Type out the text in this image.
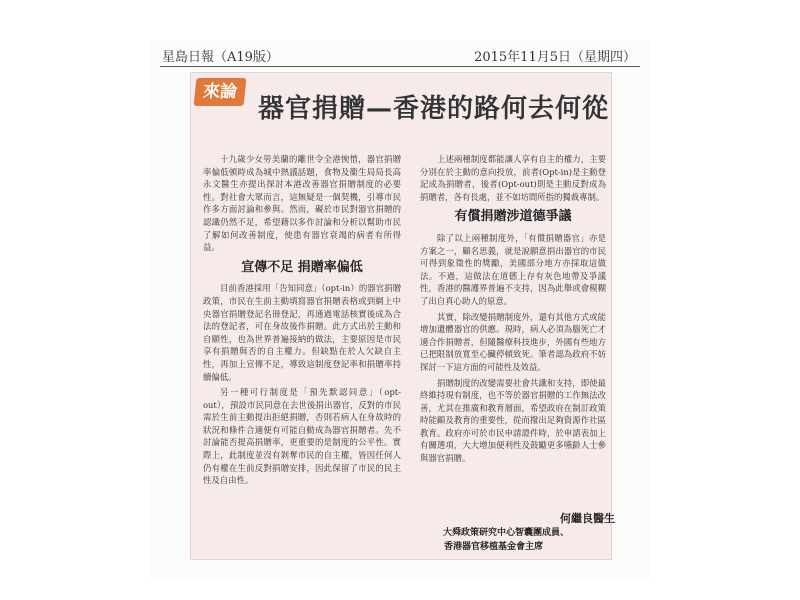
星島日報（A19版）	2015年11月5日（星期四）
來論
器官捐贈—香港的路何去何從

十九歲少女勞美蘭的離世令全港惋惜，器官捐贈率偏低頓時成為城中熱議話題，食物及衞生局局長高永文醫生亦提出探討本港改善器官捐贈制度的必要性。對社會大眾而言，這無疑是一個契機，引導市民作多方面討論和參與。然而，礙於市民對器官捐贈的認識仍然不足，希望藉以多作討論和分析以幫助市民了解如何改善制度，使患有器官衰竭的病者有所得益。

宣傳不足 捐贈率偏低

目前香港採用「告知同意」（opt-in）的器官捐贈政策，市民在生前主動填寫器官捐贈表格或到網上中央器官捐贈登記名冊登記，再通過電話核實後成為合法的登記者，可在身故後作捐贈。此方式出於主動和自願性，也為世界普遍接納的做法，主要原因是市民享有捐贈與否的自主權力。但缺點在於人欠缺自主性，再加上宣傳不足，導致這制度登記率和捐贈率持續偏低。

另一種可行制度是「預先默認同意」（opt-out），預設市民同意在去世後捐出器官，反對的市民需於生前主動提出拒絕捐贈，否則若病人在身故時的狀況和條件合適便有可能自動成為器官捐贈者。先不討論能否提高捐贈率，更重要的是制度的公平性。實際上，此制度並沒有剝奪市民的自主權，皆因任何人仍有權在生前反對捐贈安排，因此保留了市民的民主性及自由性。

上述兩種制度都能讓人享有自主的權力，主要分別在於主動的意向投放，前者(Opt-in)是主動登記成為捐贈者，後者(Opt-out)則是主動反對成為捐贈者，各有長處，並不如坊間所指的獨裁專制。

有償捐贈涉道德爭議

除了以上兩種制度外，「有償捐贈器官」亦是方案之一，顧名思義，就是說願意捐出器官的市民可得到象徵性的獎勵，美國部分地方亦採取這做法。不過，這做法在道德上存有灰色地帶及爭議性，香港的醫護界普遍不支持，因為此舉或會模糊了出自真心助人的原意。

其實，除改變捐贈制度外，還有其他方式或能增加遺體器官的供應。現時，病人必須為腦死亡才適合作捐贈者，但隨醫療科技進步，外國有些地方已把限制放寬至心臟停頓致死。筆者認為政府不妨探討一下這方面的可能性及效益。

捐贈制度的改變需要社會共識和支持，即使最終維持現有制度，也不等於器官捐贈的工作無法改善，尤其在推廣和教育層面，希望政府在制訂政策時能顧及教育的重要性，從而撥出足夠資源作社區教育。政府亦可於市民申請證件時，於申請表加上有關選項，大大增加便利性及鼓勵更多嚥齡人士參與器官捐贈。

何繼良醫生
大舜政策研究中心智囊團成員、
香港器官移植基金會主席
